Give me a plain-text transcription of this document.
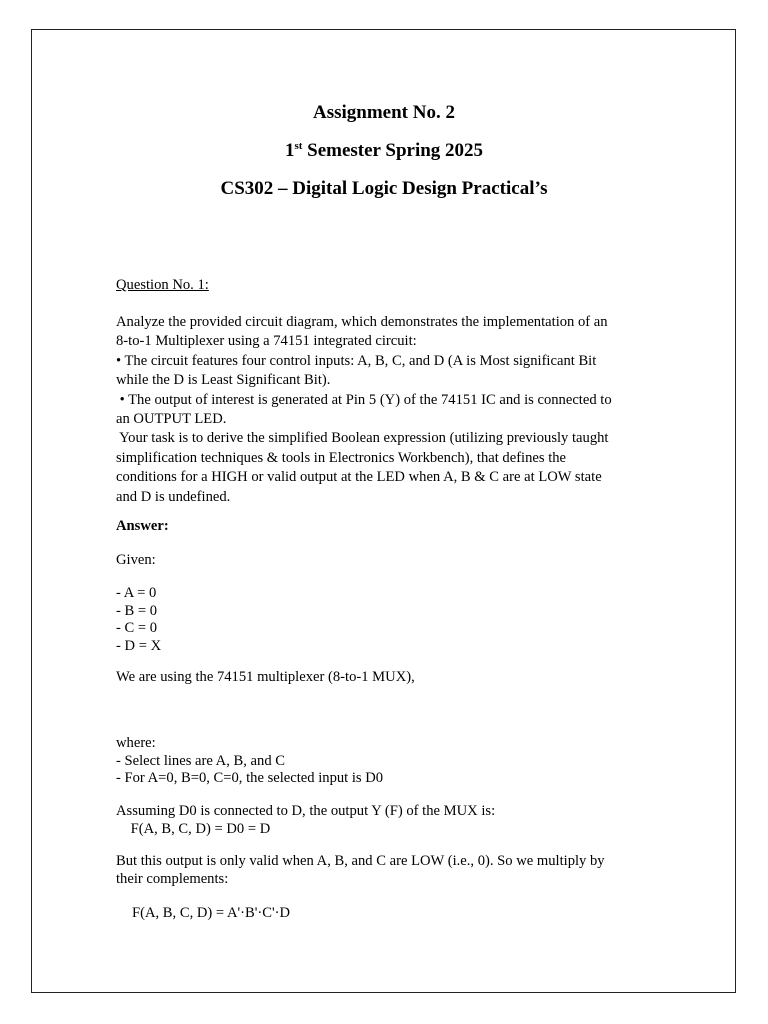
Assignment No. 2
1st Semester Spring 2025
CS302 – Digital Logic Design Practical’s
Question No. 1:
Analyze the provided circuit diagram, which demonstrates the implementation of an
8-to-1 Multiplexer using a 74151 integrated circuit:
• The circuit features four control inputs: A, B, C, and D (A is Most significant Bit
while the D is Least Significant Bit).
• The output of interest is generated at Pin 5 (Y) of the 74151 IC and is connected to
an OUTPUT LED.
Your task is to derive the simplified Boolean expression (utilizing previously taught
simplification techniques & tools in Electronics Workbench), that defines the
conditions for a HIGH or valid output at the LED when A, B & C are at LOW state
and D is undefined.
Answer:
Given:
- A = 0
- B = 0
- C = 0
- D = X
We are using the 74151 multiplexer (8-to-1 MUX),
where:
- Select lines are A, B, and C
- For A=0, B=0, C=0, the selected input is D0
Assuming D0 is connected to D, the output Y (F) of the MUX is:
F(A, B, C, D) = D0 = D
But this output is only valid when A, B, and C are LOW (i.e., 0). So we multiply by
their complements:
F(A, B, C, D) = A'·B'·C'·D
